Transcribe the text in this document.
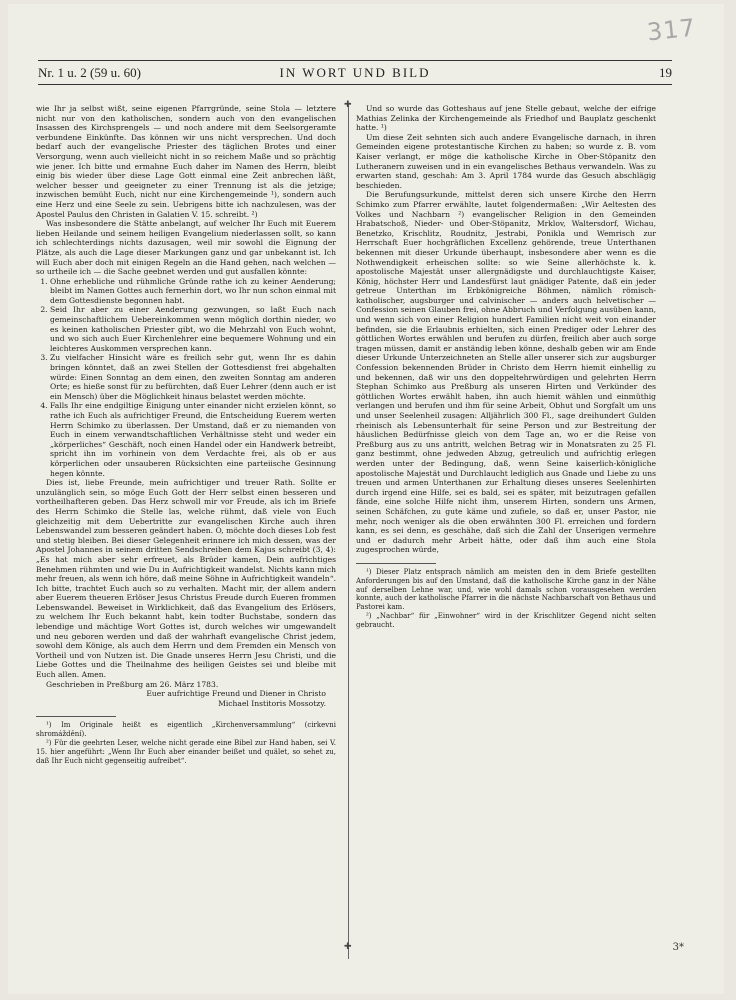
317
Nr. 1 u. 2 (59 u. 60)	IN WORT UND BILD	19
✚
✚

wie Ihr ja selbst wißt, seine eigenen Pfarrgründe, seine Stola — letztere nicht nur von den katholischen, sondern auch von den evangelischen Insassen des Kirchsprengels — und noch andere mit dem Seelsorgeramte verbundene Einkünfte. Das können wir uns nicht versprechen. Und doch bedarf auch der evangelische Priester des täglichen Brotes und einer Versorgung, wenn auch vielleicht nicht in so reichem Maße und so prächtig wie jener. Ich bitte und ermahne Euch daher im Namen des Herrn, bleibt einig bis wieder über diese Lage Gott einmal eine Zeit anbrechen läßt, welcher besser und geeigneter zu einer Trennung ist als die jetzige; inzwischen bemüht Euch, nicht nur eine Kirchengemeinde ¹), sondern auch eine Herz und eine Seele zu sein. Uebrigens bitte ich nachzulesen, was der Apostel Paulus den Christen in Galatien V. 15. schreibt. ²)

Was insbesondere die Stätte anbelangt, auf welcher Ihr Euch mit Euerem lieben Heilande und seinem heiligen Evangelium niederlassen sollt, so kann ich schlechterdings nichts dazusagen, weil mir sowohl die Eignung der Plätze, als auch die Lage dieser Markungen ganz und gar unbekannt ist. Ich will Euch aber doch mit einigen Regeln an die Hand gehen, nach welchen — so urtheile ich — die Sache geebnet werden und gut ausfallen könnte:

1. Ohne erhebliche und rühmliche Gründe rathe ich zu keiner Aenderung; bleibt im Namen Gottes auch fernerhin dort, wo Ihr nun schon einmal mit dem Gottesdienste begonnen habt.
2. Seid Ihr aber zu einer Aenderung gezwungen, so laßt Euch nach gemeinschaftlichem Uebereinkommen wenn möglich dorthin nieder, wo es keinen katholischen Priester gibt, wo die Mehrzahl von Euch wohnt, und wo sich auch Euer Kirchenlehrer eine bequemere Wohnung und ein leichteres Auskommen versprechen kann.
3. Zu vielfacher Hinsicht wäre es freilich sehr gut, wenn Ihr es dahin bringen könntet, daß an zwei Stellen der Gottesdienst frei abgehalten würde: Einen Sonntag an dem einen, den zweiten Sonntag am anderen Orte; es hieße sonst für zu befürchten, daß Euer Lehrer (denn auch er ist ein Mensch) über die Möglichkeit hinaus belastet werden möchte.
4. Falls Ihr eine endgiltige Einigung unter einander nicht erzielen könnt, so rathe ich Euch als aufrichtiger Freund, die Entscheidung Euerem werten Herrn Schimko zu überlassen. Der Umstand, daß er zu niemanden von Euch in einem verwandtschaftlichen Verhältnisse steht und weder ein „körperliches“ Geschäft, noch einen Handel oder ein Handwerk betreibt, spricht ihn im vorhinein von dem Verdachte frei, als ob er aus körperlichen oder unsauberen Rücksichten eine parteiische Gesinnung hegen könnte.

Dies ist, liebe Freunde, mein aufrichtiger und treuer Rath. Sollte er unzulänglich sein, so möge Euch Gott der Herr selbst einen besseren und vortheilhafteren geben. Das Herz schwoll mir vor Freude, als ich im Briefe des Herrn Schimko die Stelle las, welche rühmt, daß viele von Euch gleichzeitig mit dem Uebertritte zur evangelischen Kirche auch ihren Lebenswandel zum besseren geändert haben. O, möchte doch dieses Lob fest und stetig bleiben. Bei dieser Gelegenheit erinnere ich mich dessen, was der Apostel Johannes in seinem dritten Sendschreiben dem Kajus schreibt (3, 4): „Es hat mich aber sehr erfreuet, als Brüder kamen, Dein aufrichtiges Benehmen rühmten und wie Du in Aufrichtigkeit wandelst. Nichts kann mich mehr freuen, als wenn ich höre, daß meine Söhne in Aufrichtigkeit wandeln“. Ich bitte, trachtet Euch auch so zu verhalten. Macht mir, der allem andern aber Euerem theueren Erlöser Jesus Christus Freude durch Eueren frommen Lebenswandel. Beweiset in Wirklichkeit, daß das Evangelium des Erlösers, zu welchem Ihr Euch bekannt habt, kein todter Buchstabe, sondern das lebendige und mächtige Wort Gottes ist, durch welches wir umgewandelt und neu geboren werden und daß der wahrhaft evangelische Christ jedem, sowohl dem Könige, als auch dem Herrn und dem Fremden ein Mensch von Vortheil und von Nutzen ist. Die Gnade unseres Herrn Jesu Christi, und die Liebe Gottes und die Theilnahme des heiligen Geistes sei und bleibe mit Euch allen. Amen.

Geschrieben in Preßburg am 26. März 1783.

Euer aufrichtige Freund und Diener in Christo

Michael Institoris Mossotzy.

¹) Im Originale heißt es eigentlich „Kirchenversammlung“ (cirkevni shromáždění).

²) Für die geehrten Leser, welche nicht gerade eine Bibel zur Hand haben, sei V. 15. hier angeführt: „Wenn Ihr Euch aber einander beißet und quälet, so sehet zu, daß Ihr Euch nicht gegenseitig aufreibet“.

Und so wurde das Gotteshaus auf jene Stelle gebaut, welche der eifrige Mathias Zelinka der Kirchengemeinde als Friedhof und Bauplatz geschenkt hatte. ¹)

Um diese Zeit sehnten sich auch andere Evangelische darnach, in ihren Gemeinden eigene protestantische Kirchen zu haben; so wurde z. B. vom Kaiser verlangt, er möge die katholische Kirche in Ober-Stöpanitz den Lutheranern zuweisen und in ein evangelisches Bethaus verwandeln. Was zu erwarten stand, geschah: Am 3. April 1784 wurde das Gesuch abschlägig beschieden.

Die Berufungsurkunde, mittelst deren sich unsere Kirche den Herrn Schimko zum Pfarrer erwählte, lautet folgendermaßen: „Wir Aeltesten des Volkes und Nachbarn ²) evangelischer Religion in den Gemeinden Hrabatschoß, Nieder- und Ober-Stöpanitz, Mrklov, Waltersdorf, Wichau, Benetzko, Krischlitz, Roudnitz, Jestrabi, Ponikla und Wemrisch zur Herrschaft Euer hochgräflichen Excellenz gehörende, treue Unterthanen bekennen mit dieser Urkunde überhaupt, insbesondere aber wenn es die Nothwendigkeit erheischen sollte: so wie Seine allerhöchste k. k. apostolische Majestät unser allergnädigste und durchlauchtigste Kaiser, König, höchster Herr und Landesfürst laut gnädiger Patente, daß ein jeder getreue Unterthan im Erbkönigreiche Böhmen, nämlich römisch-katholischer, augsburger und calvinischer — anders auch helvetischer — Confession seinen Glauben frei, ohne Abbruch und Verfolgung ausüben kann, und wenn sich von einer Religion hundert Familien nicht weit von einander befinden, sie die Erlaubnis erhielten, sich einen Prediger oder Lehrer des göttlichen Wortes erwählen und berufen zu dürfen, freilich aber auch sorge tragen müssen, damit er anständig leben könne, deshalb geben wir am Ende dieser Urkunde Unterzeichneten an Stelle aller unserer sich zur augsburger Confession bekennenden Brüder in Christo dem Herrn hiemit einhellig zu und bekennen, daß wir uns den doppeltehrwürdigen und gelehrten Herrn Stephan Schimko aus Preßburg als unseren Hirten und Verkünder des göttlichen Wortes erwählt haben, ihn auch hiemit wählen und einmüthig verlangen und berufen und ihm für seine Arbeit, Obhut und Sorgfalt um uns und unser Seelenheil zusagen: Alljährlich 300 Fl., sage dreihundert Gulden rheinisch als Lebensunterhalt für seine Person und zur Bestreitung der häuslichen Bedürfnisse gleich von dem Tage an, wo er die Reise von Preßburg aus zu uns antritt, welchen Betrag wir in Monatsraten zu 25 Fl. ganz bestimmt, ohne jedweden Abzug, getreulich und aufrichtig erlegen werden unter der Bedingung, daß, wenn Seine kaiserlich-königliche apostolische Majestät und Durchlaucht lediglich aus Gnade und Liebe zu uns treuen und armen Unterthanen zur Erhaltung dieses unseres Seelenhirten durch irgend eine Hilfe, sei es bald, sei es später, mit beizutragen gefallen fände, eine solche Hilfe nicht ihm, unserem Hirten, sondern uns Armen, seinen Schäfchen, zu gute käme und zufiele, so daß er, unser Pastor, nie mehr, noch weniger als die oben erwähnten 300 Fl. erreichen und fordern kann, es sei denn, es geschähe, daß sich die Zahl der Unserigen vermehre und er dadurch mehr Arbeit hätte, oder daß ihm auch eine Stola zugesprochen würde,

¹) Dieser Platz entsprach nämlich am meisten den in dem Briefe gestellten Anforderungen bis auf den Umstand, daß die katholische Kirche ganz in der Nähe auf derselben Lehne war, und, wie wohl damals schon vorausgesehen werden konnte, auch der katholische Pfarrer in die nächste Nachbarschaft von Bethaus und Pastorei kam.

²) „Nachbar“ für „Einwohner“ wird in der Krischlitzer Gegend nicht selten gebraucht.

3*
